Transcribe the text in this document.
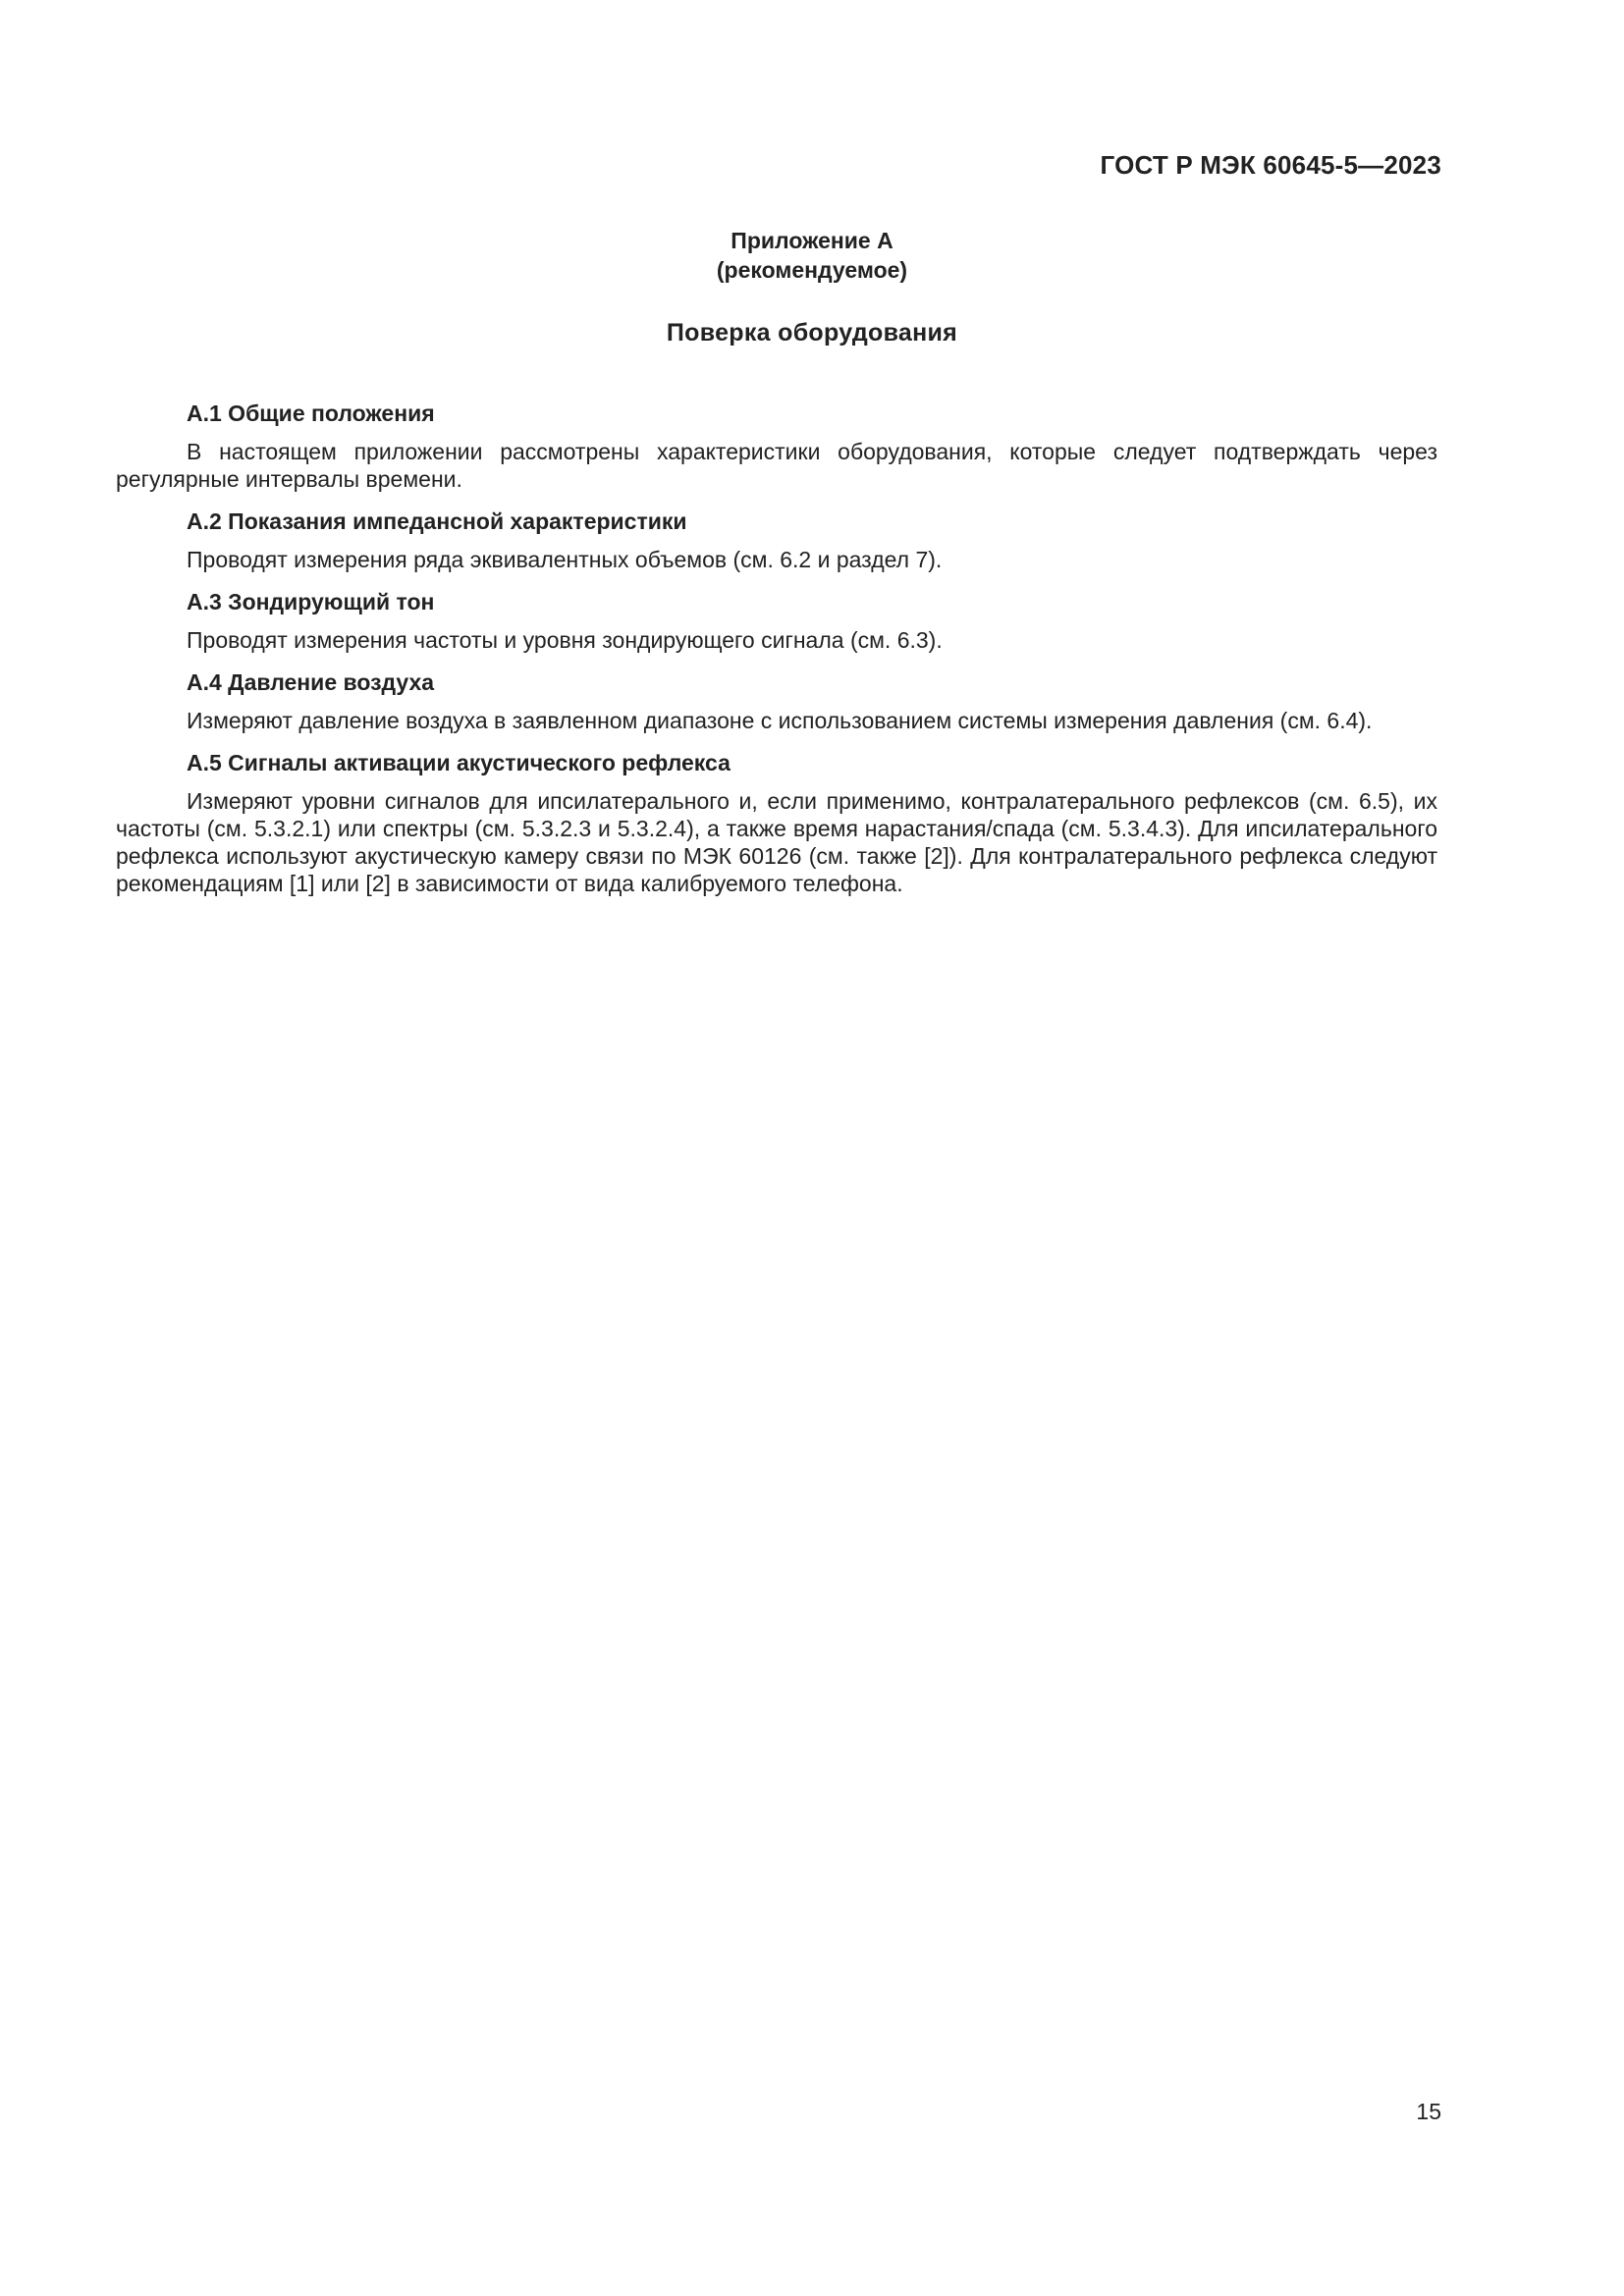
ГОСТ Р МЭК 60645-5—2023
Приложение А
(рекомендуемое)
Поверка оборудования

А.1 Общие положения

В настоящем приложении рассмотрены характеристики оборудования, которые следует подтверждать через регулярные интервалы времени.

А.2 Показания импедансной характеристики

Проводят измерения ряда эквивалентных объемов (см. 6.2 и раздел 7).

А.3 Зондирующий тон

Проводят измерения частоты и уровня зондирующего сигнала (см. 6.3).

А.4 Давление воздуха

Измеряют давление воздуха в заявленном диапазоне с использованием системы измерения давления (см. 6.4).

А.5 Сигналы активации акустического рефлекса

Измеряют уровни сигналов для ипсилатерального и, если применимо, контралатерального рефлексов (см. 6.5), их частоты (см. 5.3.2.1) или спектры (см. 5.3.2.3 и 5.3.2.4), а также время нарастания/спада (см. 5.3.4.3). Для ипсилатерального рефлекса используют акустическую камеру связи по МЭК 60126 (см. также [2]). Для контралатерального рефлекса следуют рекомендациям [1] или [2] в зависимости от вида калибруемого телефона.

15
